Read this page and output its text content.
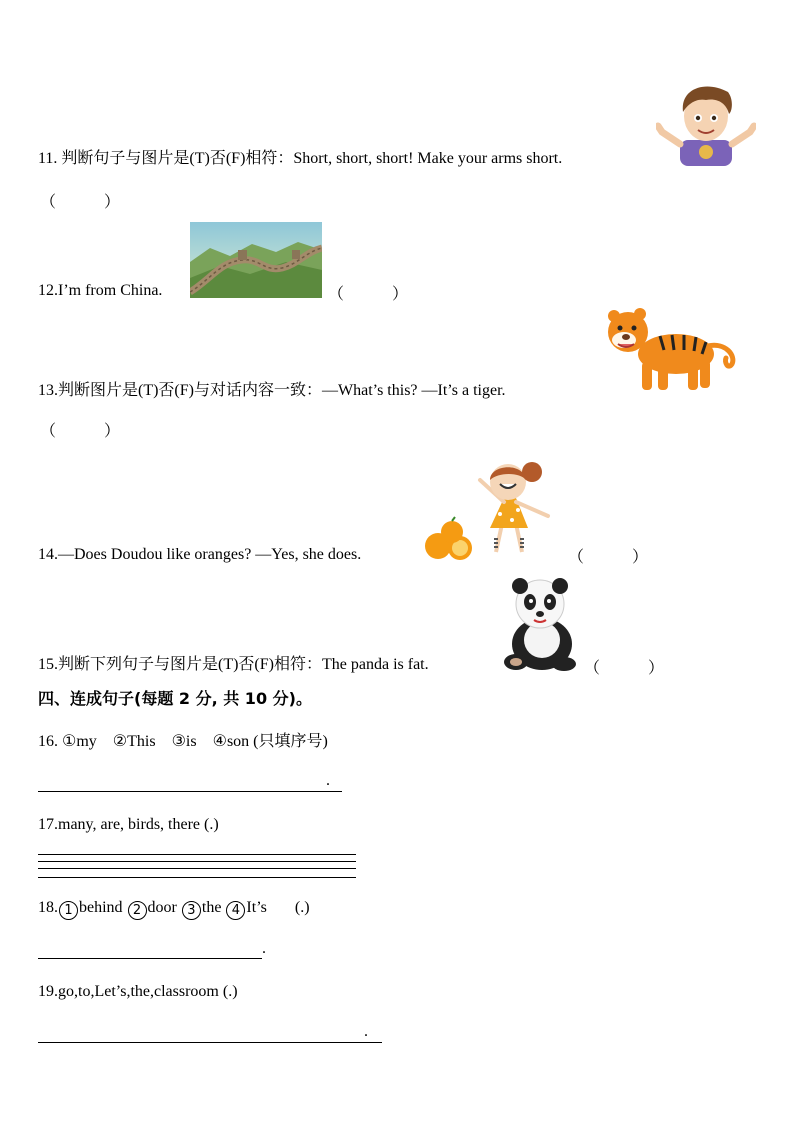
11. 判断句子与图片是(T)否(F)相符：Short, short, short! Make your arms short.
（　　　）
12.I’m from China.	（　　　）
13.判断图片是(T)否(F)与对话内容一致：—What’s this? —It’s a tiger.
（　　　）
14.—Does Doudou like oranges? —Yes, she does.	（　　　）
15.判断下列句子与图片是(T)否(F)相符：The panda is fat.	（　　　）
四、连成句子(每题 2 分, 共 10 分)。
16. ①my　②This　③is　④son (只填序号)
.
17.many, are, birds, there (.)
18. 1 behind 2 door 3 the 4 It’s (.)
.
19.go,to,Let’s,the,classroom (.)
.
